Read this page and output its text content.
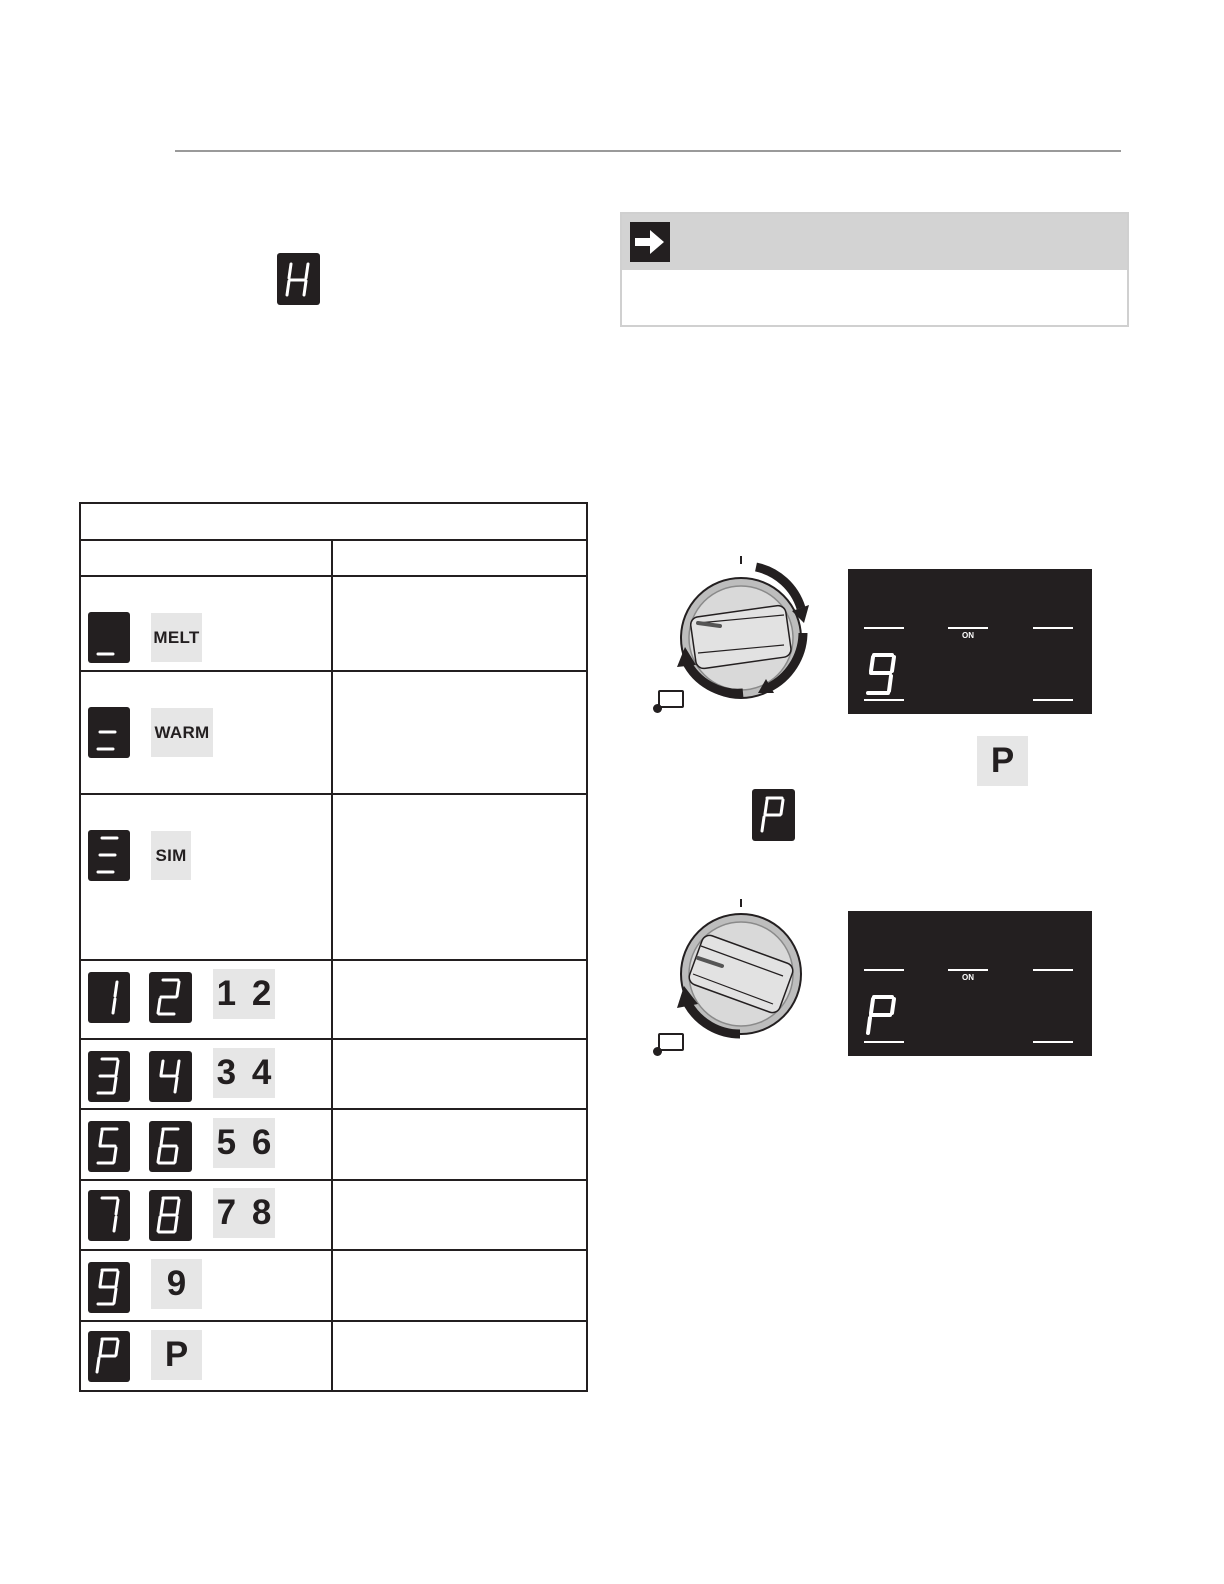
MELT
WARM
SIM
1 2
3 4
5 6
7 8
9
P
ON
P
ON
